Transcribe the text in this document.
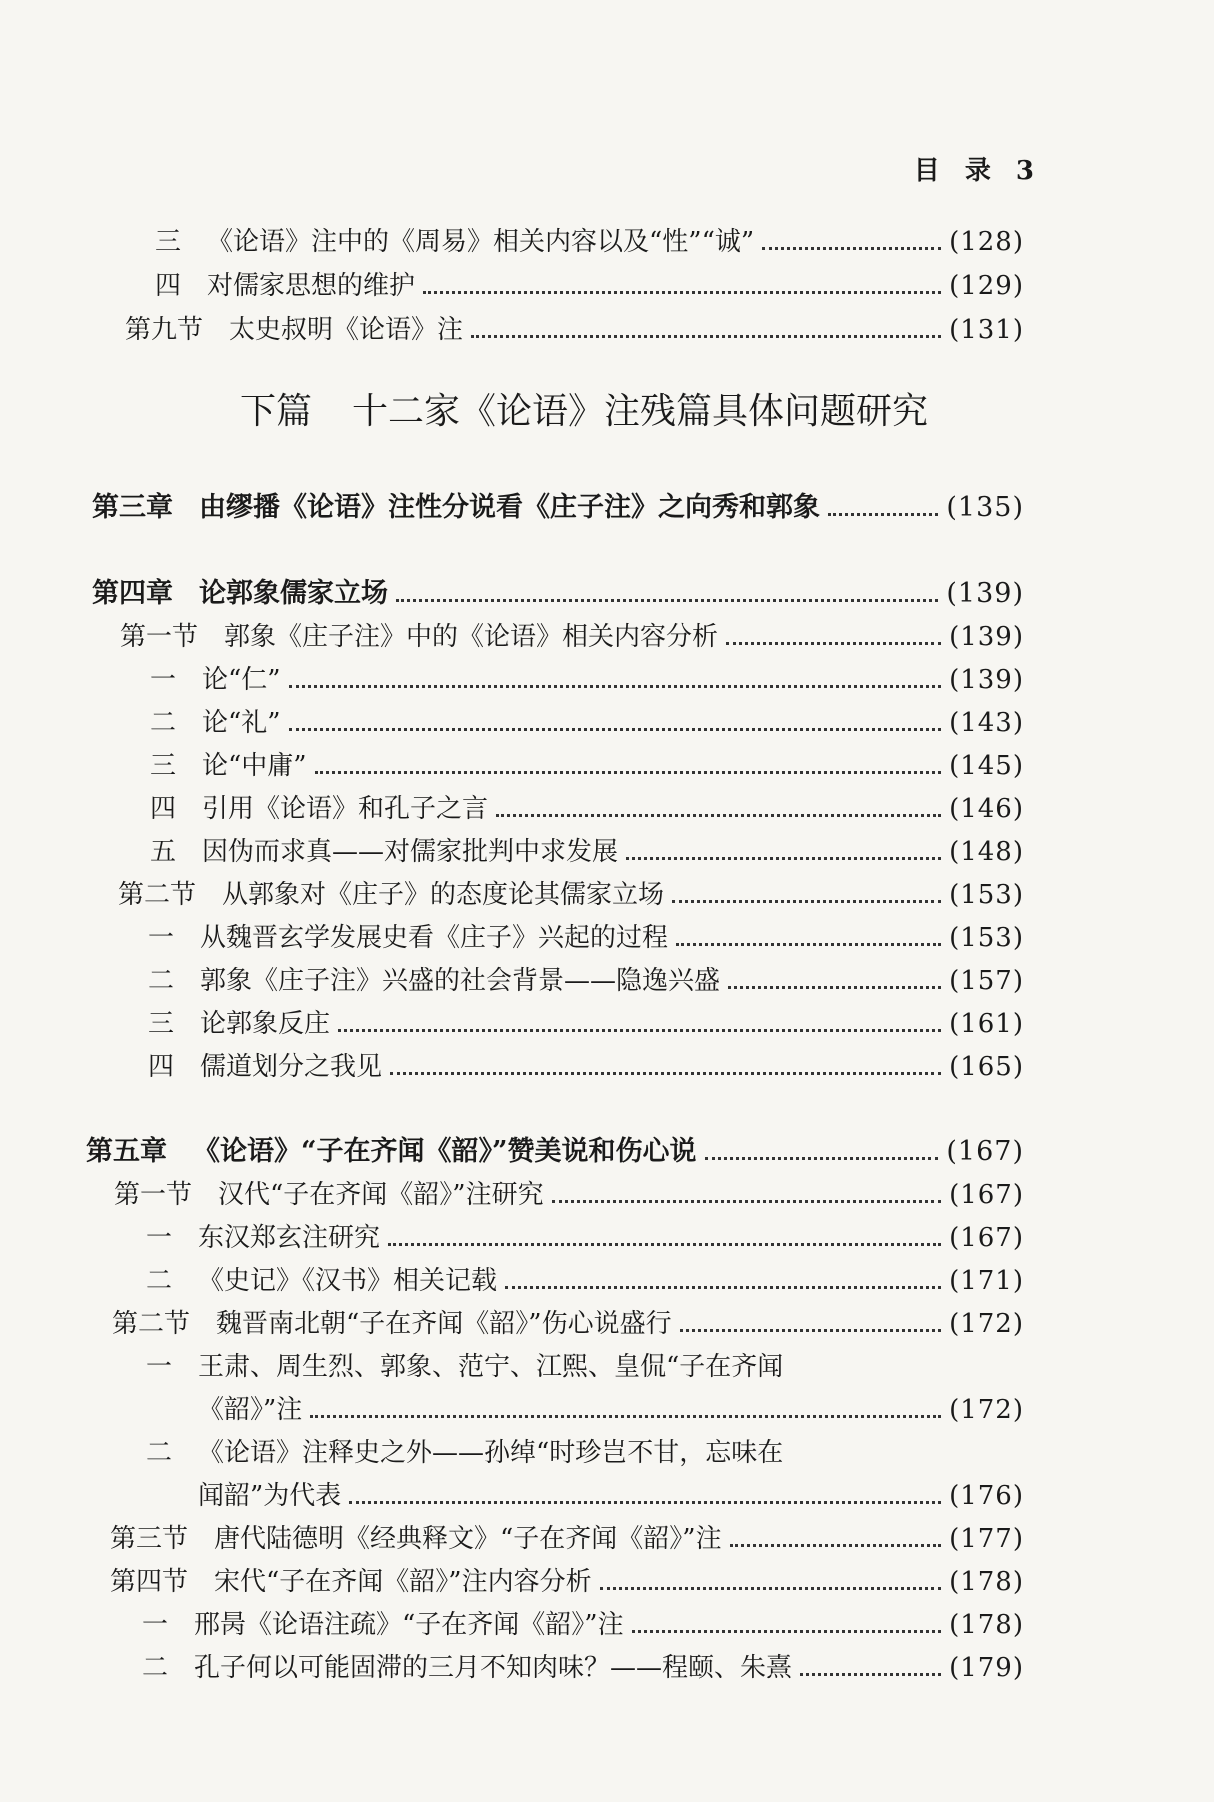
目 录 3
三 《论语》注中的《周易》相关内容以及“性”“诚”	(128)
四 对儒家思想的维护	(129)
第九节 太史叔明《论语》注	(131)
下篇 十二家《论语》注残篇具体问题研究
第三章 由缪播《论语》注性分说看《庄子注》之向秀和郭象	(135)
第四章 论郭象儒家立场	(139)
第一节 郭象《庄子注》中的《论语》相关内容分析	(139)
一 论“仁”	(139)
二 论“礼”	(143)
三 论“中庸”	(145)
四 引用《论语》和孔子之言	(146)
五 因伪而求真——对儒家批判中求发展	(148)
第二节 从郭象对《庄子》的态度论其儒家立场	(153)
一 从魏晋玄学发展史看《庄子》兴起的过程	(153)
二 郭象《庄子注》兴盛的社会背景——隐逸兴盛	(157)
三 论郭象反庄	(161)
四 儒道划分之我见	(165)
第五章 《论语》“子在齐闻《韶》”赞美说和伤心说	(167)
第一节 汉代“子在齐闻《韶》”注研究	(167)
一 东汉郑玄注研究	(167)
二 《史记》《汉书》相关记载	(171)
第二节 魏晋南北朝“子在齐闻《韶》”伤心说盛行	(172)
一 王肃、周生烈、郭象、范宁、江熙、皇侃“子在齐闻
《韶》”注	(172)
二 《论语》注释史之外——孙绰“时珍岂不甘，忘味在
闻韶”为代表	(176)
第三节 唐代陆德明《经典释文》“子在齐闻《韶》”注	(177)
第四节 宋代“子在齐闻《韶》”注内容分析	(178)
一 邢昺《论语注疏》“子在齐闻《韶》”注	(178)
二 孔子何以可能固滞的三月不知肉味？——程颐、朱熹	(179)
